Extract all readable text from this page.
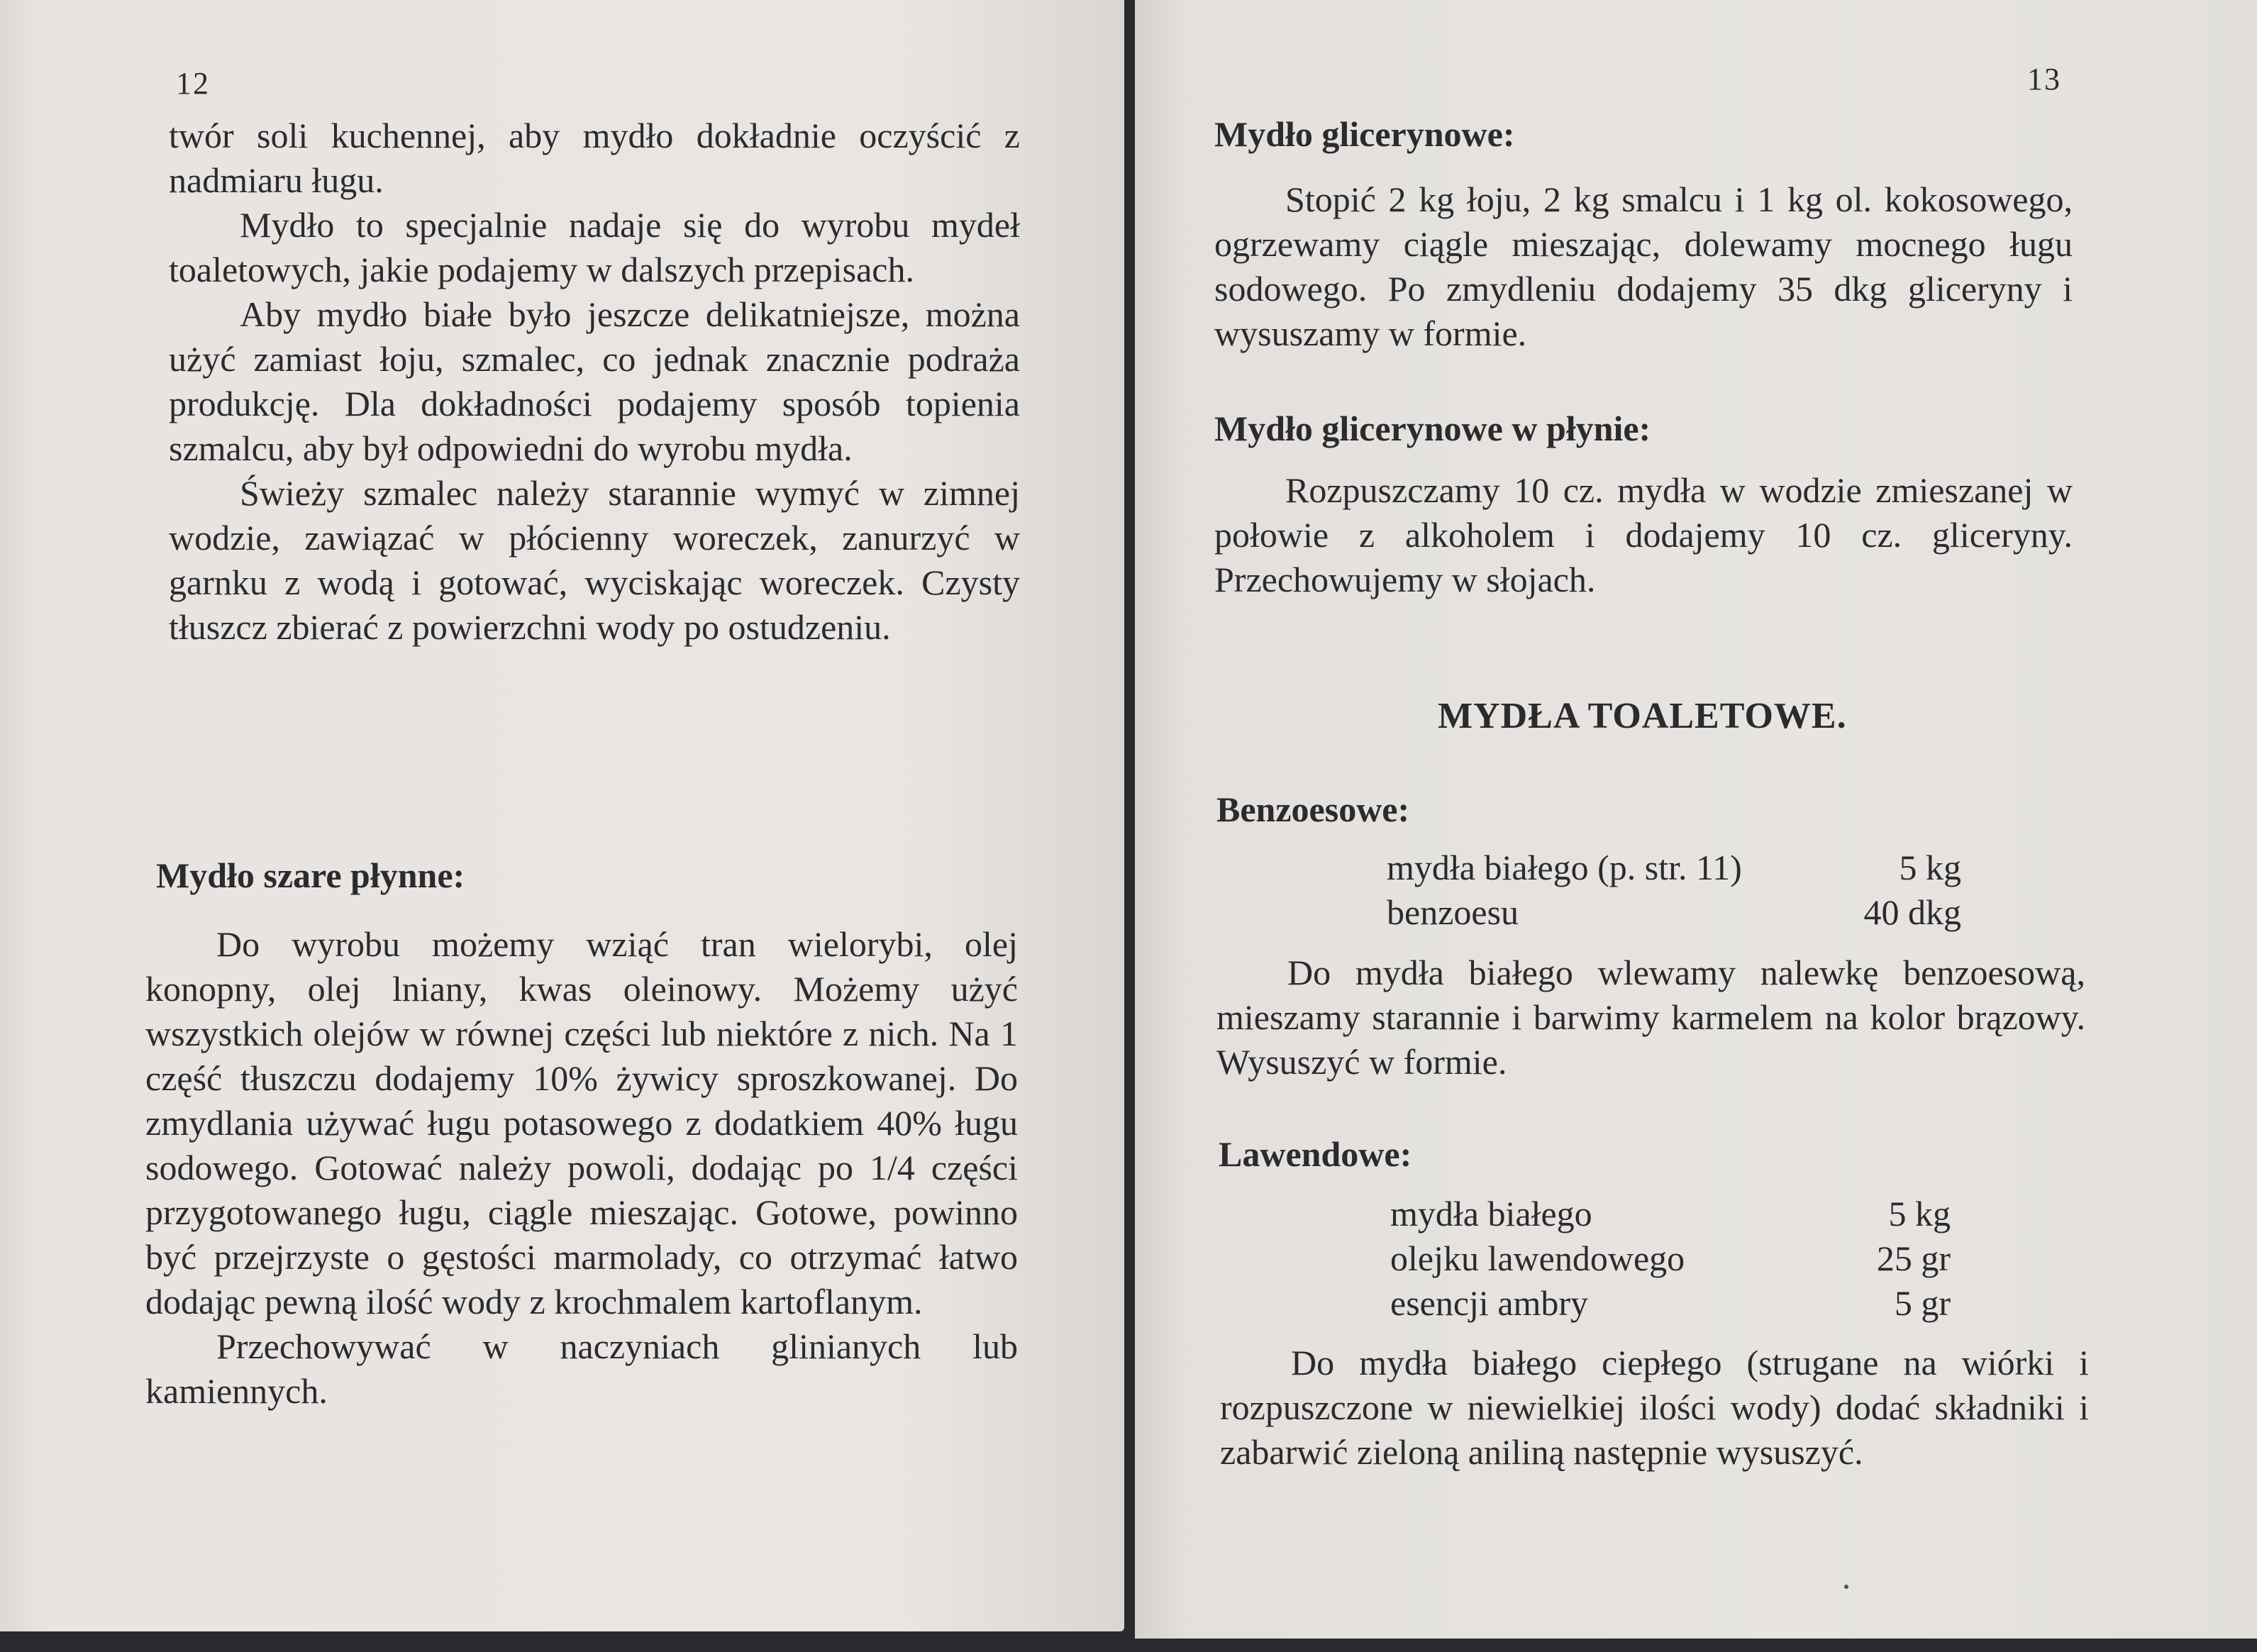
12

twór soli kuchennej, aby mydło dokładnie oczyścić z nadmiaru ługu.

Mydło to specjalnie nadaje się do wyrobu mydeł toaletowych, jakie podajemy w dalszych przepisach.

Aby mydło białe było jeszcze delikatniejsze, można użyć zamiast łoju, szmalec, co jednak znacznie podraża produkcję. Dla dokładności podajemy sposób topienia szmalcu, aby był odpowiedni do wyrobu mydła.

Świeży szmalec należy starannie wymyć w zimnej wodzie, zawiązać w płócienny woreczek, zanurzyć w garnku z wodą i gotować, wyciskając woreczek. Czysty tłuszcz zbierać z powierzchni wody po ostudzeniu.

Mydło szare płynne:

Do wyrobu możemy wziąć tran wielorybi, olej konopny, olej lniany, kwas oleinowy. Możemy użyć wszystkich olejów w równej części lub niektóre z nich. Na 1 część tłuszczu dodajemy 10% żywicy sproszkowanej. Do zmydlania używać ługu potasowego z dodatkiem 40% ługu sodowego. Gotować należy powoli, dodając po 1/4 części przygotowanego ługu, ciągle mieszając. Gotowe, powinno być przejrzyste o gęstości marmolady, co otrzymać łatwo dodając pewną ilość wody z krochmalem kartoflanym.

Przechowywać w naczyniach glinianych lub kamiennych.

13
Mydło glicerynowe:

Stopić 2 kg łoju, 2 kg smalcu i 1 kg ol. kokosowego, ogrzewamy ciągle mieszając, dolewamy mocnego ługu sodowego. Po zmydleniu dodajemy 35 dkg gliceryny i wysuszamy w formie.

Mydło glicerynowe w płynie:

Rozpuszczamy 10 cz. mydła w wodzie zmieszanej w połowie z alkoholem i dodajemy 10 cz. gliceryny. Przechowujemy w słojach.

MYDŁA TOALETOWE.
Benzoesowe:
mydła białego (p. str. 11)	5 kg
benzoesu	40 dkg

Do mydła białego wlewamy nalewkę benzoesową, mieszamy starannie i barwimy karmelem na kolor brązowy. Wysuszyć w formie.

Lawendowe:
mydła białego	5 kg
olejku lawendowego	25 gr
esencji ambry	5 gr

Do mydła białego ciepłego (strugane na wiórki i rozpuszczone w niewielkiej ilości wody) dodać składniki i zabarwić zieloną aniliną następnie wysuszyć.
